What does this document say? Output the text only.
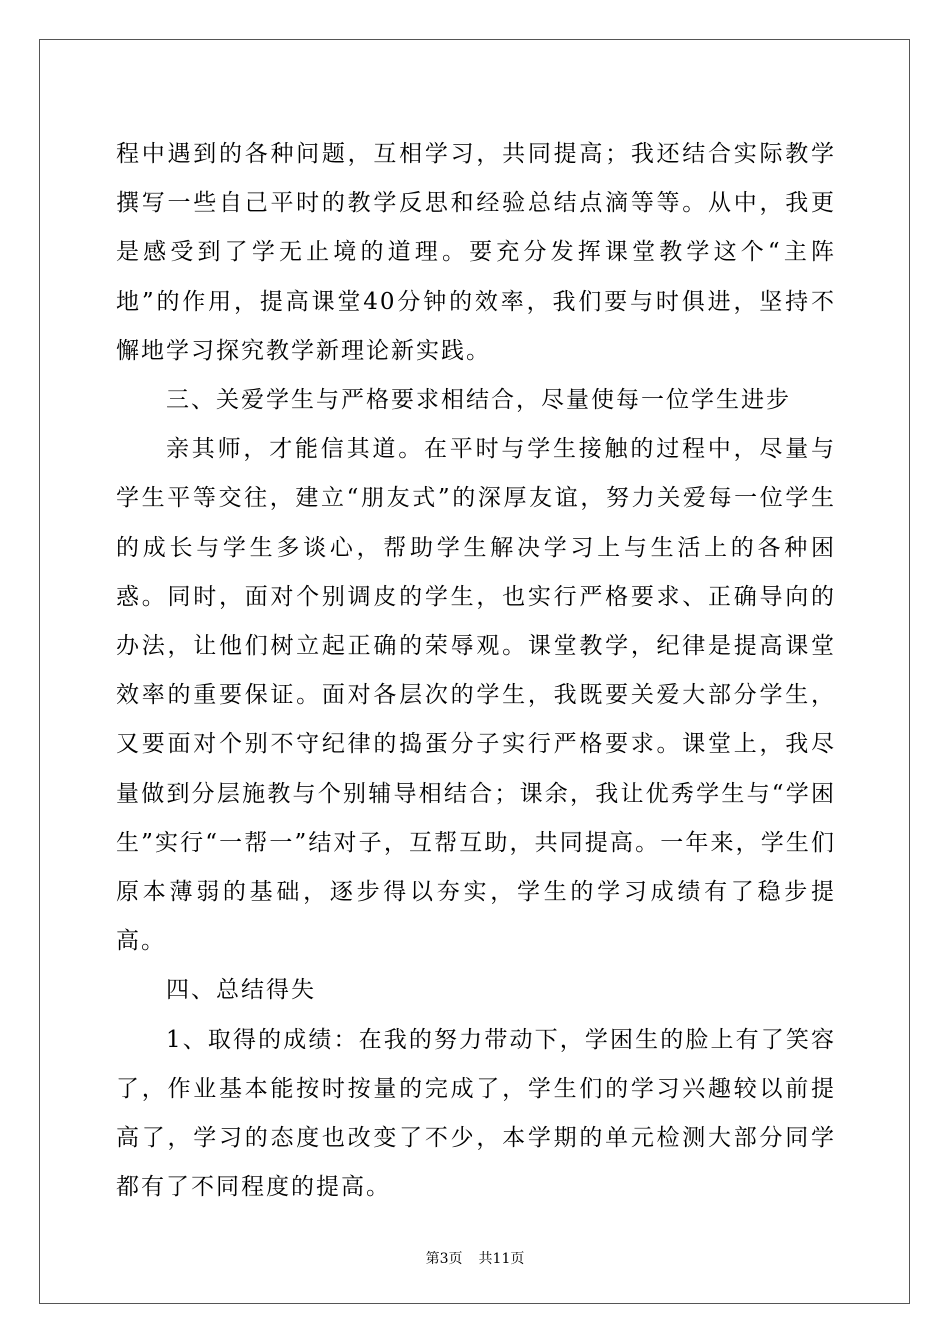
程中遇到的各种问题，互相学习，共同提高；我还结合实际教学撰写一些自己平时的教学反思和经验总结点滴等等。从中，我更是感受到了学无止境的道理。要充分发挥课堂教学这个“主阵地”的作用，提高课堂40分钟的效率，我们要与时俱进，坚持不懈地学习探究教学新理论新实践。

三、关爱学生与严格要求相结合，尽量使每一位学生进步

亲其师，才能信其道。在平时与学生接触的过程中，尽量与学生平等交往，建立“朋友式”的深厚友谊，努力关爱每一位学生的成长与学生多谈心，帮助学生解决学习上与生活上的各种困惑。同时，面对个别调皮的学生，也实行严格要求、正确导向的办法，让他们树立起正确的荣辱观。课堂教学，纪律是提高课堂效率的重要保证。面对各层次的学生，我既要关爱大部分学生，又要面对个别不守纪律的捣蛋分子实行严格要求。课堂上，我尽量做到分层施教与个别辅导相结合；课余，我让优秀学生与“学困生”实行“一帮一”结对子，互帮互助，共同提高。一年来，学生们原本薄弱的基础，逐步得以夯实，学生的学习成绩有了稳步提高。

四、总结得失

1、取得的成绩：在我的努力带动下，学困生的脸上有了笑容了，作业基本能按时按量的完成了，学生们的学习兴趣较以前提高了，学习的态度也改变了不少，本学期的单元检测大部分同学都有了不同程度的提高。

第3页 共11页
